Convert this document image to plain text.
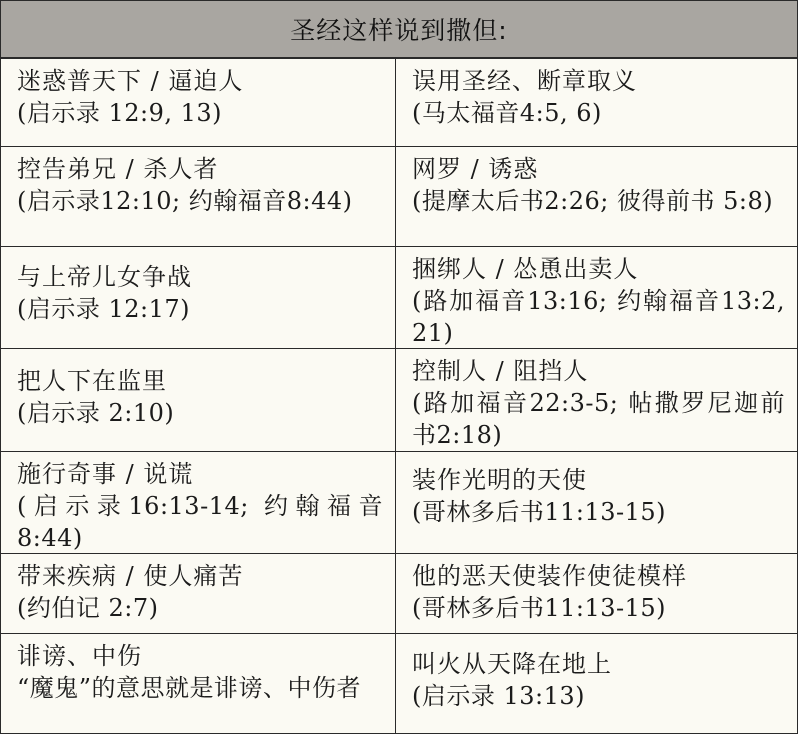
圣经这样说到撒但:
迷惑普天下 / 逼迫人
(启示录 12:9, 13)
误用圣经、断章取义
(马太福音4:5, 6)
控告弟兄 / 杀人者
(启示录12:10; 约翰福音8:44)
网罗 / 诱惑
(提摩太后书2:26; 彼得前书 5:8)
与上帝儿女争战
(启示录 12:17)
捆绑人 / 怂恿出卖人
(路加福音13:16; 约翰福音13:2, 21)
把人下在监里
(启示录 2:10)
控制人 / 阻挡人
(路加福音22:3-5; 帖撒罗尼迦前书2:18)
施行奇事 / 说谎
(启示录16:13-14; 约翰福音 8:44)
装作光明的天使
(哥林多后书11:13-15)
带来疾病 / 使人痛苦
(约伯记 2:7)
他的恶天使装作使徒模样
(哥林多后书11:13-15)
诽谤、中伤
“魔鬼”的意思就是诽谤、中伤者
叫火从天降在地上
(启示录 13:13)
